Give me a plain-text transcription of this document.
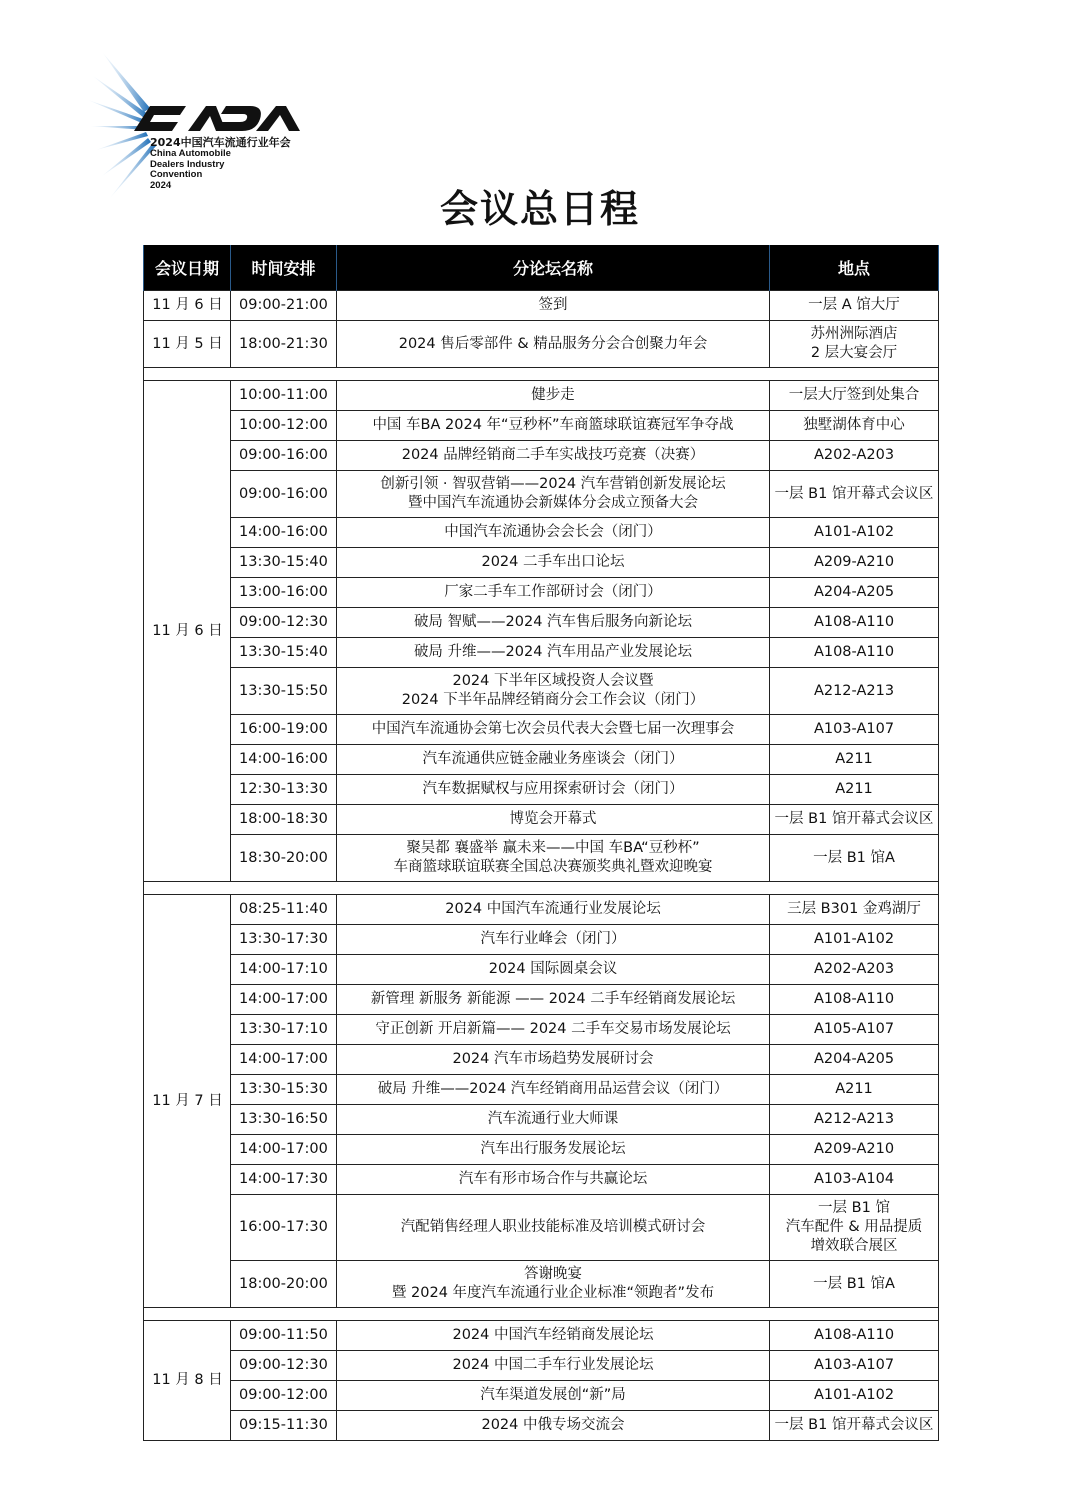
2024中国汽车流通行业年会
China Automobile
Dealers Industry
Convention
2024
会议总日程
会议日期	时间安排	分论坛名称	地点
11 月 6 日	09:00-21:00	签到	一层 A 馆大厅

11 月 5 日	18:00-21:30	2024 售后零部件 & 精品服务分会合创聚力年会	苏州洲际酒店
2 层大宴会厅

11 月 6 日	10:00-11:00	健步走	一层大厅签到处集合

	10:00-12:00	中国 车BA 2024 年“豆秒杯”车商篮球联谊赛冠军争夺战	独墅湖体育中心

	09:00-16:00	2024 品牌经销商二手车实战技巧竞赛（决赛）	A202-A203

	09:00-16:00	创新引领 · 智驭营销——2024 汽车营销创新发展论坛
暨中国汽车流通协会新媒体分会成立预备大会	一层 B1 馆开幕式会议区

	14:00-16:00	中国汽车流通协会会长会（闭门）	A101-A102

	13:30-15:40	2024 二手车出口论坛	A209-A210

	13:00-16:00	厂家二手车工作部研讨会（闭门）	A204-A205

	09:00-12:30	破局 智赋——2024 汽车售后服务向新论坛	A108-A110

	13:30-15:40	破局 升维——2024 汽车用品产业发展论坛	A108-A110

	13:30-15:50	2024 下半年区域投资人会议暨
2024 下半年品牌经销商分会工作会议（闭门）	A212-A213

	16:00-19:00	中国汽车流通协会第七次会员代表大会暨七届一次理事会	A103-A107

	14:00-16:00	汽车流通供应链金融业务座谈会（闭门）	A211

	12:30-13:30	汽车数据赋权与应用探索研讨会（闭门）	A211

	18:00-18:30	博览会开幕式	一层 B1 馆开幕式会议区

	18:30-20:00	聚吴都 襄盛举 赢未来——中国 车BA“豆秒杯”
车商篮球联谊联赛全国总决赛颁奖典礼暨欢迎晚宴	一层 B1 馆A

11 月 7 日	08:25-11:40	2024 中国汽车流通行业发展论坛	三层 B301 金鸡湖厅

	13:30-17:30	汽车行业峰会（闭门）	A101-A102

	14:00-17:10	2024 国际圆桌会议	A202-A203

	14:00-17:00	新管理 新服务 新能源 —— 2024 二手车经销商发展论坛	A108-A110

	13:30-17:10	守正创新 开启新篇—— 2024 二手车交易市场发展论坛	A105-A107

	14:00-17:00	2024 汽车市场趋势发展研讨会	A204-A205

	13:30-15:30	破局 升维——2024 汽车经销商用品运营会议（闭门）	A211

	13:30-16:50	汽车流通行业大师课	A212-A213

	14:00-17:00	汽车出行服务发展论坛	A209-A210

	14:00-17:30	汽车有形市场合作与共赢论坛	A103-A104

	16:00-17:30	汽配销售经理人职业技能标准及培训模式研讨会	一层 B1 馆
汽车配件 & 用品提质
增效联合展区

	18:00-20:00	答谢晚宴
暨 2024 年度汽车流通行业企业标准“领跑者”发布	一层 B1 馆A

11 月 8 日	09:00-11:50	2024 中国汽车经销商发展论坛	A108-A110

	09:00-12:30	2024 中国二手车行业发展论坛	A103-A107

	09:00-12:00	汽车渠道发展创“新”局	A101-A102

	09:15-11:30	2024 中俄专场交流会	一层 B1 馆开幕式会议区
